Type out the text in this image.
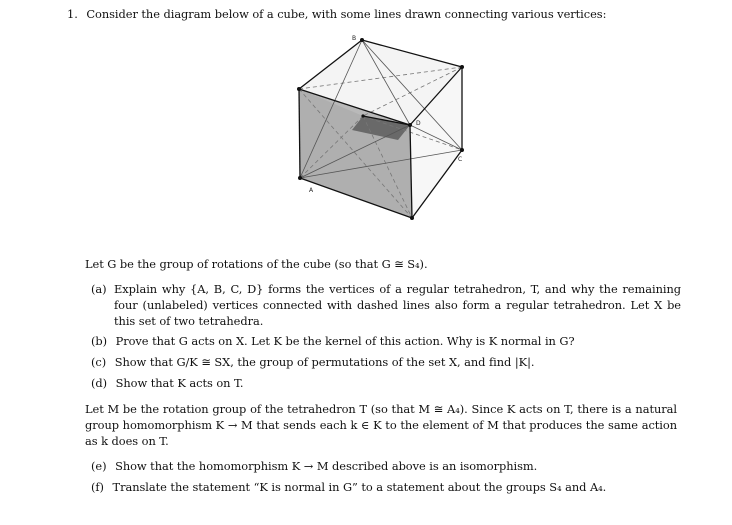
1. Consider the diagram below of a cube, with some lines drawn connecting various vertices:
B
D
C
A
Let G be the group of rotations of the cube (so that G ≅ S₄).
(a) Explain why {A, B, C, D} forms the vertices of a regular tetrahedron, T, and why the remaining four (unlabeled) vertices connected with dashed lines also form a regular tetrahedron. Let X be this set of two tetrahedra.
(b) Prove that G acts on X. Let K be the kernel of this action. Why is K normal in G?
(c) Show that G/K ≅ SX, the group of permutations of the set X, and find |K|.
(d) Show that K acts on T.
Let M be the rotation group of the tetrahedron T (so that M ≅ A₄). Since K acts on T, there is a natural group homomorphism K → M that sends each k ∈ K to the element of M that produces the same action as k does on T.
(e) Show that the homomorphism K → M described above is an isomorphism.
(f) Translate the statement “K is normal in G” to a statement about the groups S₄ and A₄.
